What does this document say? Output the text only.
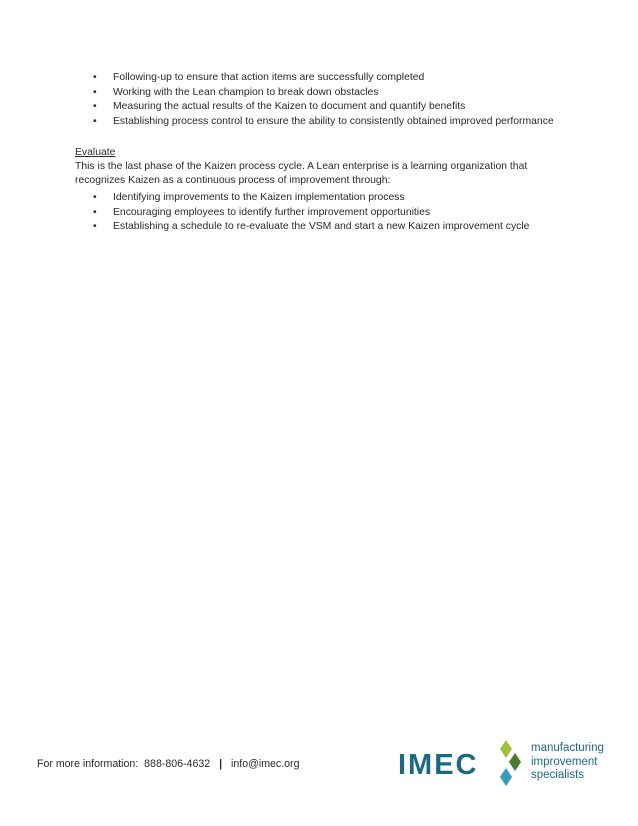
• Following-up to ensure that action items are successfully completed
• Working with the Lean champion to break down obstacles
• Measuring the actual results of the Kaizen to document and quantify benefits
• Establishing process control to ensure the ability to consistently obtained improved performance
Evaluate
This is the last phase of the Kaizen process cycle. A Lean enterprise is a learning organization that recognizes Kaizen as a continuous process of improvement through:
• Identifying improvements to the Kaizen implementation process
• Encouraging employees to identify further improvement opportunities
• Establishing a schedule to re-evaluate the VSM and start a new Kaizen improvement cycle
For more information: 888-806-4632 | info@imec.org	IMEC
manufacturing
improvement
specialists
